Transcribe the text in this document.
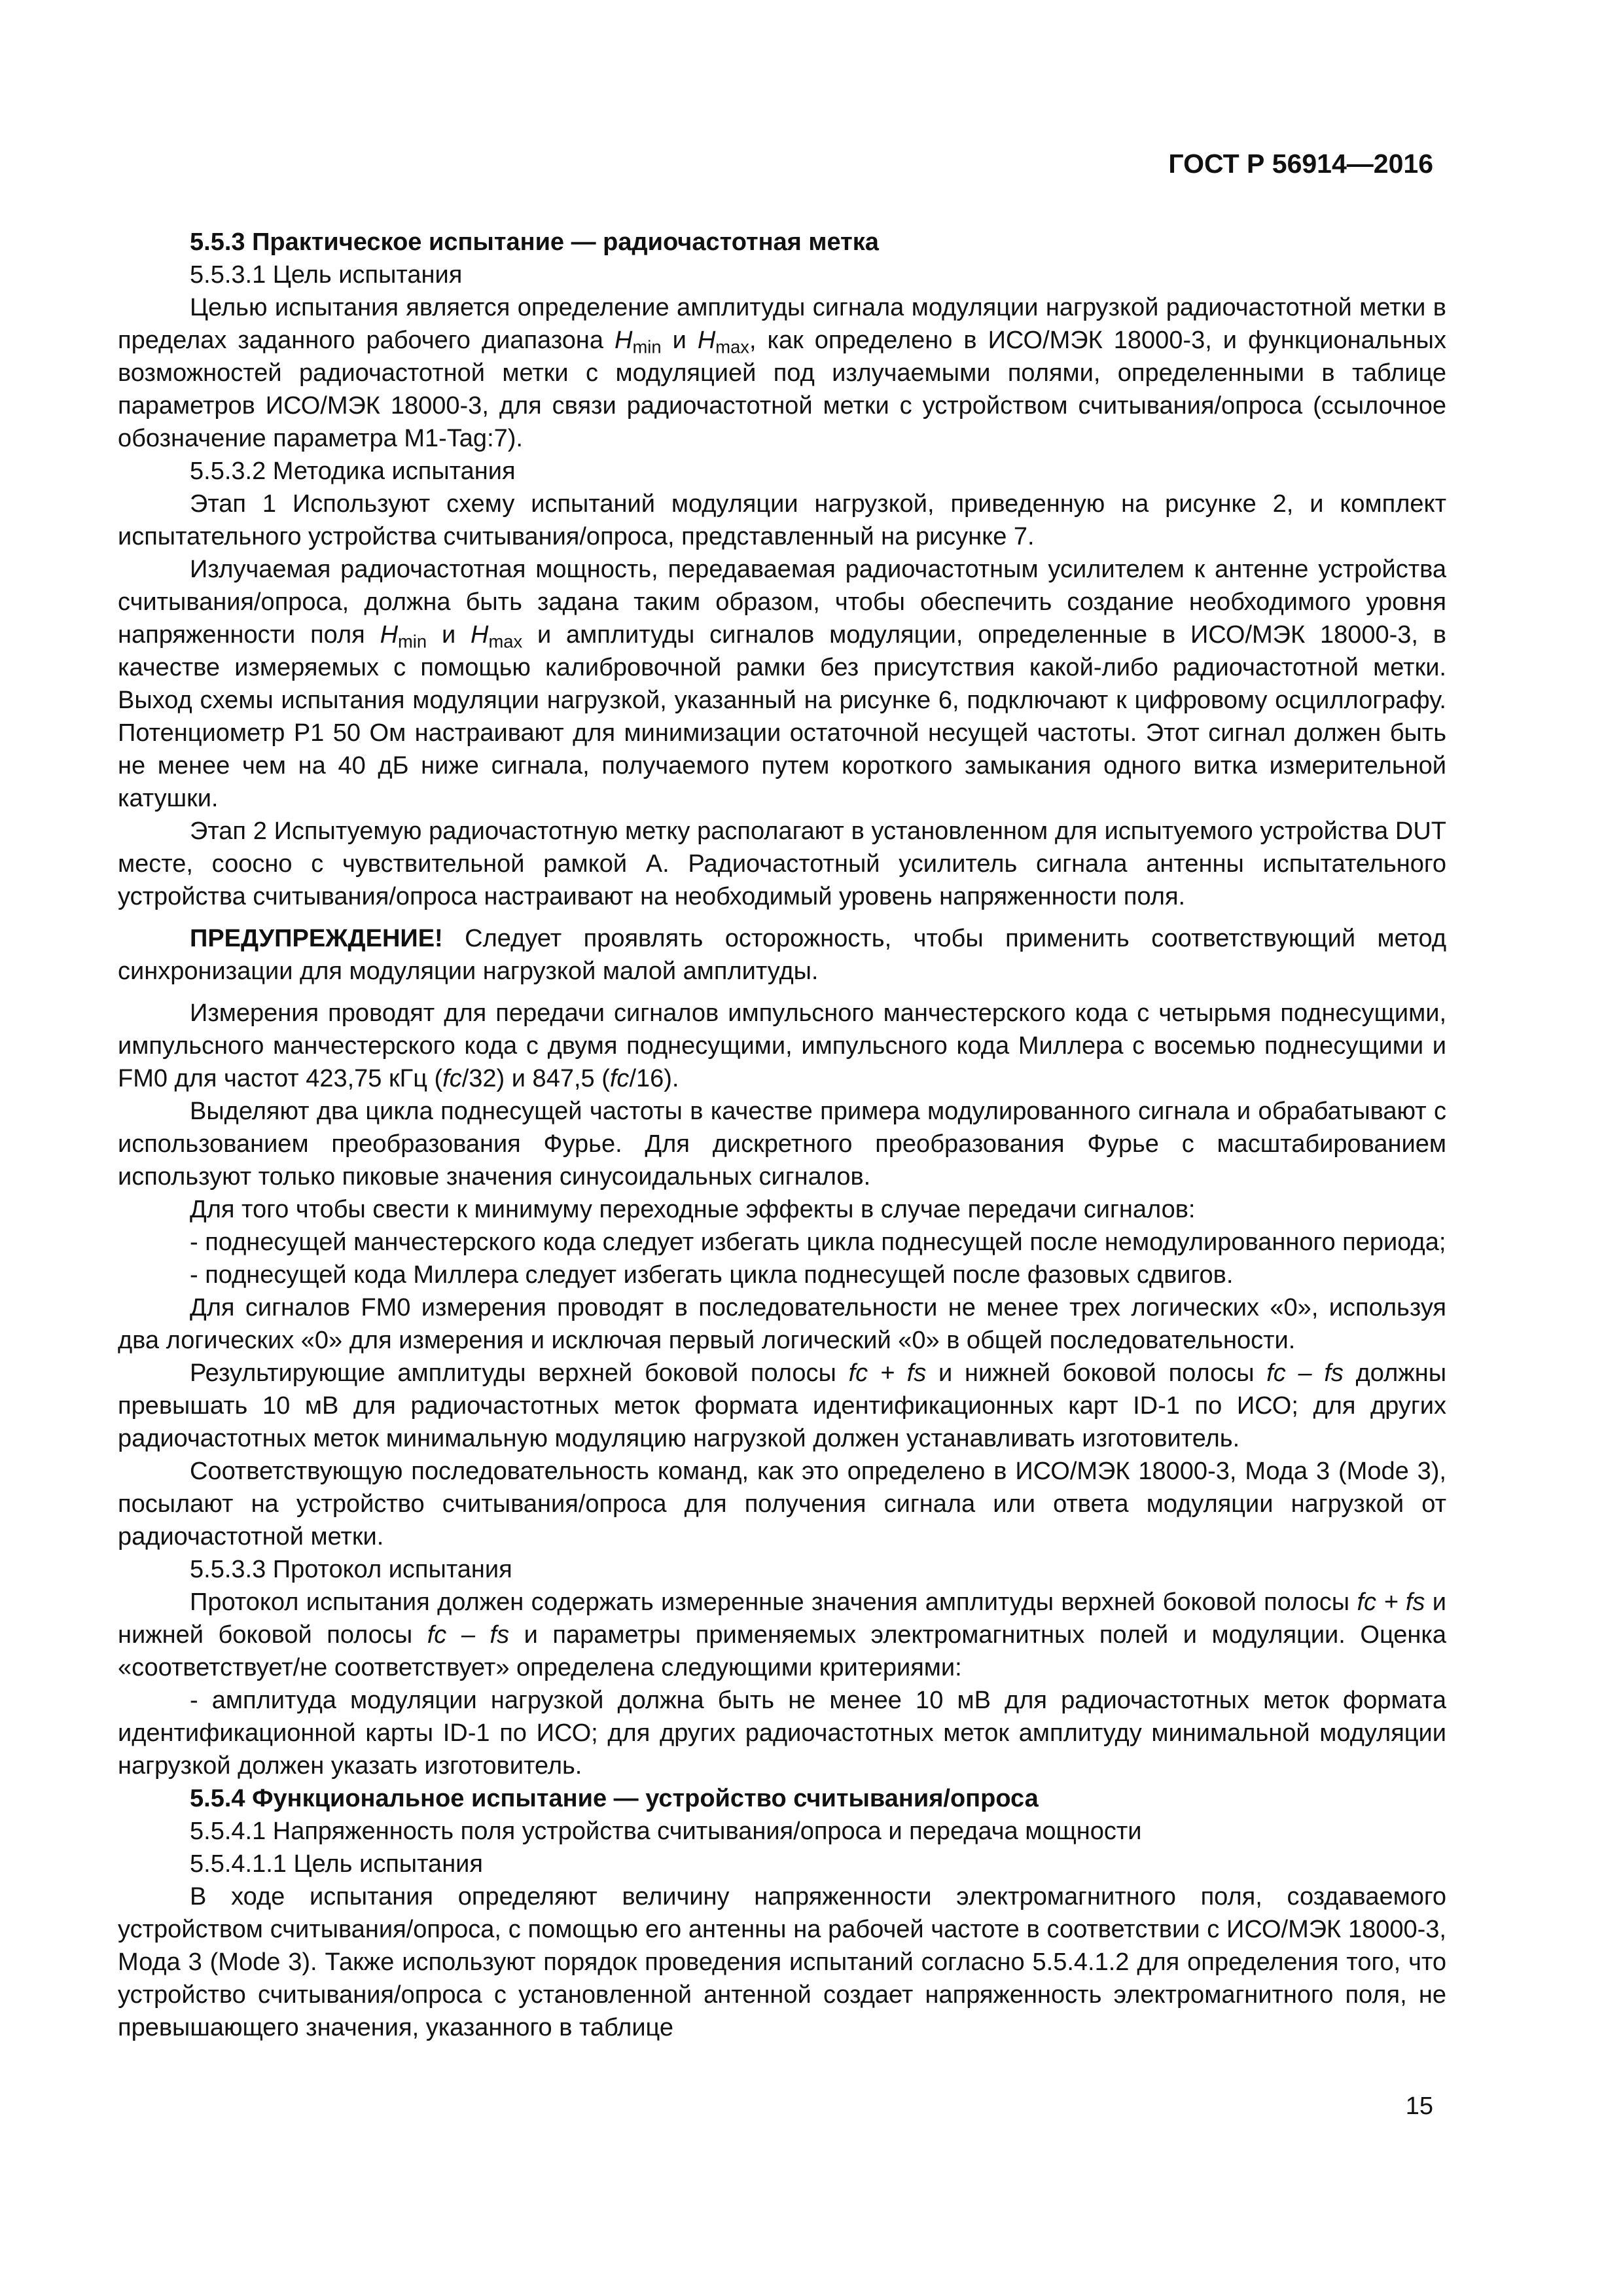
ГОСТ Р 56914—2016

5.5.3 Практическое испытание — радиочастотная метка

5.5.3.1 Цель испытания

Целью испытания является определение амплитуды сигнала модуляции нагрузкой радиочастотной метки в пределах заданного рабочего диапазона $H_{min}$ и $H_{max}$, как определено в ИСО/МЭК 18000-3, и функциональных возможностей радиочастотной метки с модуляцией под излучаемыми полями, определенными в таблице параметров ИСО/МЭК 18000-3, для связи радиочастотной метки с устройством считывания/опроса (ссылочное обозначение параметра M1-Tag:7).

5.5.3.2 Методика испытания

Этап 1 Используют схему испытаний модуляции нагрузкой, приведенную на рисунке 2, и комплект испытательного устройства считывания/опроса, представленный на рисунке 7.

Излучаемая радиочастотная мощность, передаваемая радиочастотным усилителем к антенне устройства считывания/опроса, должна быть задана таким образом, чтобы обеспечить создание необходимого уровня напряженности поля $H_{min}$ и $H_{max}$ и амплитуды сигналов модуляции, определенные в ИСО/МЭК 18000-3, в качестве измеряемых с помощью калибровочной рамки без присутствия какой-либо радиочастотной метки. Выход схемы испытания модуляции нагрузкой, указанный на рисунке 6, подключают к цифровому осциллографу. Потенциометр P1 50 Ом настраивают для минимизации остаточной несущей частоты. Этот сигнал должен быть не менее чем на 40 дБ ниже сигнала, получаемого путем короткого замыкания одного витка измерительной катушки.

Этап 2 Испытуемую радиочастотную метку располагают в установленном для испытуемого устройства DUT месте, соосно с чувствительной рамкой A. Радиочастотный усилитель сигнала антенны испытательного устройства считывания/опроса настраивают на необходимый уровень напряженности поля.

ПРЕДУПРЕЖДЕНИЕ! Следует проявлять осторожность, чтобы применить соответствующий метод синхронизации для модуляции нагрузкой малой амплитуды.

Измерения проводят для передачи сигналов импульсного манчестерского кода с четырьмя поднесущими, импульсного манчестерского кода с двумя поднесущими, импульсного кода Миллера с восемью поднесущими и FM0 для частот 423,75 кГц (fc/32) и 847,5 (fc/16).

Выделяют два цикла поднесущей частоты в качестве примера модулированного сигнала и обрабатывают с использованием преобразования Фурье. Для дискретного преобразования Фурье с масштабированием используют только пиковые значения синусоидальных сигналов.

Для того чтобы свести к минимуму переходные эффекты в случае передачи сигналов:

- поднесущей манчестерского кода следует избегать цикла поднесущей после немодулированного периода;

- поднесущей кода Миллера следует избегать цикла поднесущей после фазовых сдвигов.

Для сигналов FM0 измерения проводят в последовательности не менее трех логических «0», используя два логических «0» для измерения и исключая первый логический «0» в общей последовательности.

Результирующие амплитуды верхней боковой полосы fc + fs и нижней боковой полосы fc – fs должны превышать 10 мВ для радиочастотных меток формата идентификационных карт ID-1 по ИСО; для других радиочастотных меток минимальную модуляцию нагрузкой должен устанавливать изготовитель.

Соответствующую последовательность команд, как это определено в ИСО/МЭК 18000-3, Мода 3 (Mode 3), посылают на устройство считывания/опроса для получения сигнала или ответа модуляции нагрузкой от радиочастотной метки.

5.5.3.3 Протокол испытания

Протокол испытания должен содержать измеренные значения амплитуды верхней боковой полосы fc + fs и нижней боковой полосы fc – fs и параметры применяемых электромагнитных полей и модуляции. Оценка «соответствует/не соответствует» определена следующими критериями:

- амплитуда модуляции нагрузкой должна быть не менее 10 мВ для радиочастотных меток формата идентификационной карты ID-1 по ИСО; для других радиочастотных меток амплитуду минимальной модуляции нагрузкой должен указать изготовитель.

5.5.4 Функциональное испытание — устройство считывания/опроса

5.5.4.1 Напряженность поля устройства считывания/опроса и передача мощности

5.5.4.1.1 Цель испытания

В ходе испытания определяют величину напряженности электромагнитного поля, создаваемого устройством считывания/опроса, с помощью его антенны на рабочей частоте в соответствии с ИСО/МЭК 18000-3, Мода 3 (Mode 3). Также используют порядок проведения испытаний согласно 5.5.4.1.2 для определения того, что устройство считывания/опроса с установленной антенной создает напряженность электромагнитного поля, не превышающего значения, указанного в таблице

15
